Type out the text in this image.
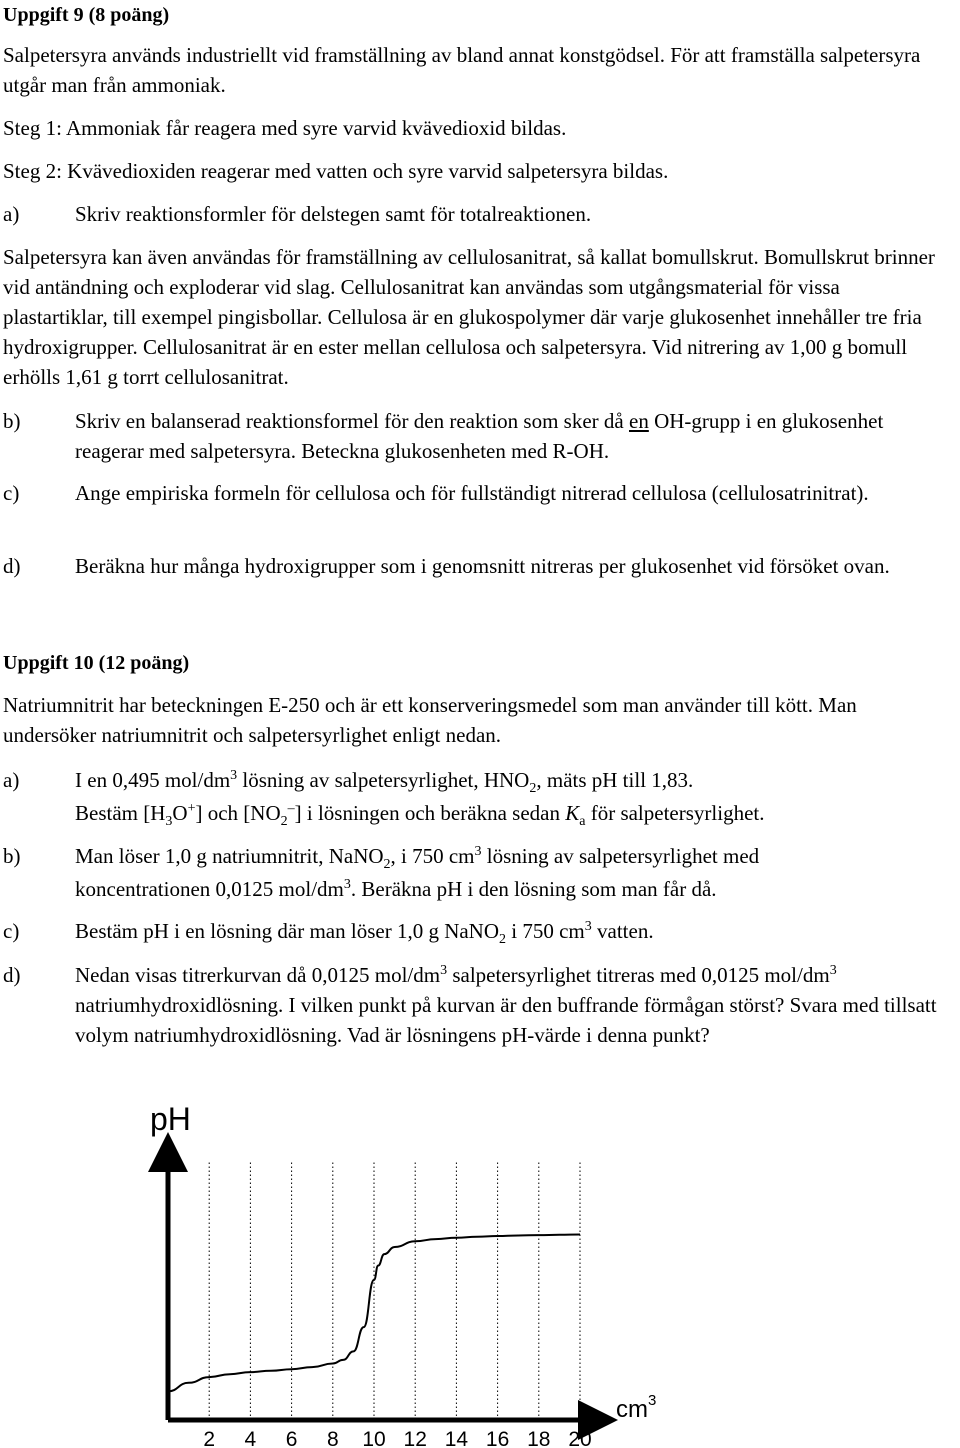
Uppgift 9 (8 poäng)
Salpetersyra används industriellt vid framställning av bland annat konstgödsel. För att framställa salpetersyra utgår man från ammoniak.
Steg 1: Ammoniak får reagera med syre varvid kvävedioxid bildas.
Steg 2: Kvävedioxiden reagerar med vatten och syre varvid salpetersyra bildas.
a)	Skriv reaktionsformler för delstegen samt för totalreaktionen.
Salpetersyra kan även användas för framställning av cellulosanitrat, så kallat bomullskrut. Bomullskrut brinner vid antändning och exploderar vid slag. Cellulosanitrat kan användas som utgångsmaterial för vissa plastartiklar, till exempel pingisbollar. Cellulosa är en glukospolymer där varje glukosenhet innehåller tre fria hydroxigrupper. Cellulosanitrat är en ester mellan cellulosa och salpetersyra. Vid nitrering av 1,00 g bomull erhölls 1,61 g torrt cellulosanitrat.
b)	Skriv en balanserad reaktionsformel för den reaktion som sker då en OH-grupp i en glukosenhet reagerar med salpetersyra. Beteckna glukosenheten med R-OH.
c)	Ange empiriska formeln för cellulosa och för fullständigt nitrerad cellulosa (cellulosatrinitrat).
d)	Beräkna hur många hydroxigrupper som i genomsnitt nitreras per glukosenhet vid försöket ovan.
Uppgift 10 (12 poäng)
Natriumnitrit har beteckningen E-250 och är ett konserveringsmedel som man använder till kött. Man undersöker natriumnitrit och salpetersyrlighet enligt nedan.
a)	I en 0,495 mol/$dm^3$ lösning av salpetersyrlighet, $HNO_2$, mäts pH till 1,83.
Bestäm $[H_3O^+]$ och $[NO_2^-]$ i lösningen och beräkna sedan $K_a$ för salpetersyrlighet.
b)	Man löser 1,0 g natriumnitrit, NaNO$_2$, i 750 $cm^3$ lösning av salpetersyrlighet med
koncentrationen 0,0125 mol/$dm^3$. Beräkna pH i den lösning som man får då.
c)	Bestäm pH i en lösning där man löser 1,0 g NaNO$_2$ i 750 $cm^3$ vatten.
d)	Nedan visas titrerkurvan då 0,0125 mol/$dm^3$ salpetersyrlighet titreras med 0,0125 mol/$dm^3$
natriumhydroxidlösning. I vilken punkt på kurvan är den buffrande förmågan störst? Svara med tillsatt volym natriumhydroxidlösning. Vad är lösningens pH-värde i denna punkt?
pH
$cm^3$
2 4 6 8 10 12 14 16 18 20
